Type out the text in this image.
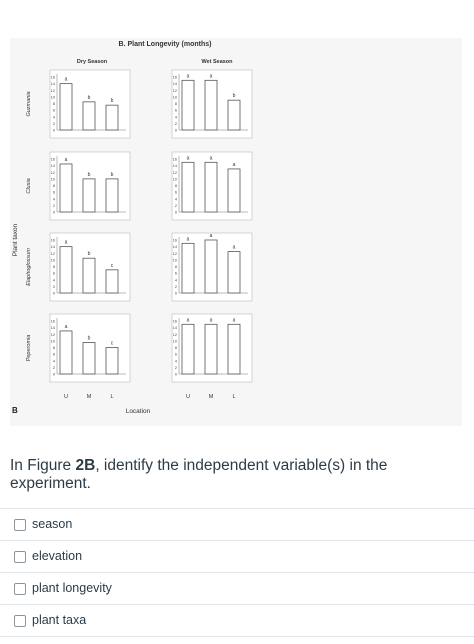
B. Plant Longevity (months)
Dry Season	Wet Season
Plant taxon
B	Location
16
14
12
10
8
6
4
2
0
a
b
b
Guzmania
16
14
12
10
8
6
4
2
0
a	a
b
16
14
12
10
8
6
4
2
0
a
b	b
Clusia
16
14
12
10
8
6
4
2
0
a	a
a
16
14
12
10
8
6
4
2
0
a
b
c
Elaphoglossum
16
14
12
10
8
6
4
2
0
a
a
a
16
14
12
10
8
6
4
2
0
a
b
c
Peperomia
16
14
12
10
8
6
4
2
0
a	a	a
U	M	L	U	M	L
In Figure 2B, identify the independent variable(s) in the experiment.
season
elevation
plant longevity
plant taxa
